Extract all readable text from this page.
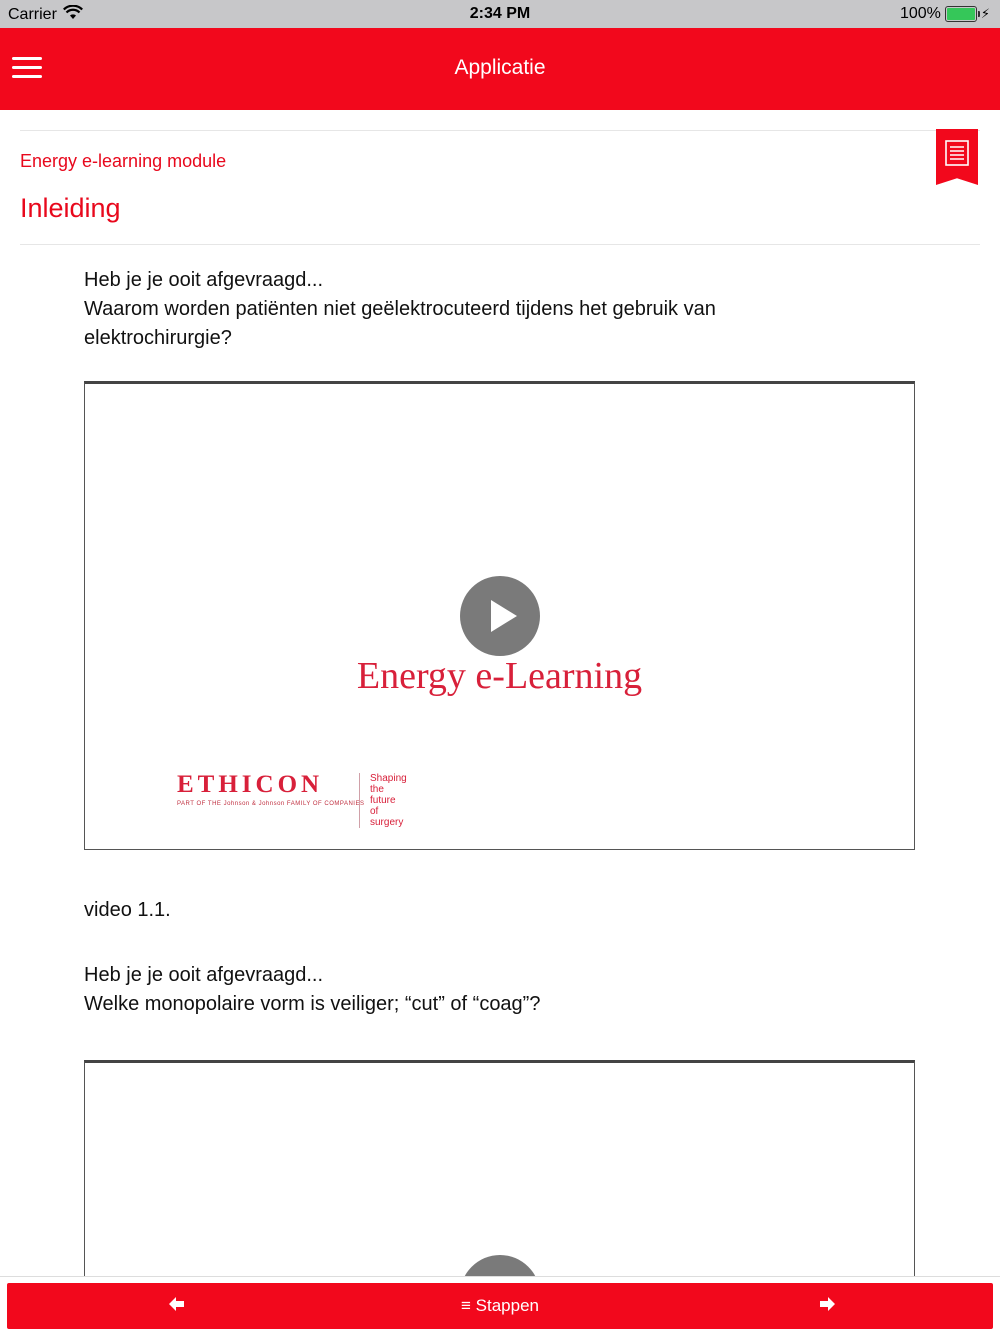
Carrier	2:34 PM	100%	⚡
Applicatie
Energy e-learning module
Inleiding
Heb je je ooit afgevraagd...
Waarom worden patiënten niet geëlektrocuteerd tijdens het gebruik van elektrochirurgie?
Energy e-Learning
ETHICON
PART OF THE Johnson & Johnson FAMILY OF COMPANIES
Shaping
the future
of surgery
video 1.1.
Heb je je ooit afgevraagd...
Welke monopolaire vorm is veiliger; “cut” of “coag”?
≡ Stappen
